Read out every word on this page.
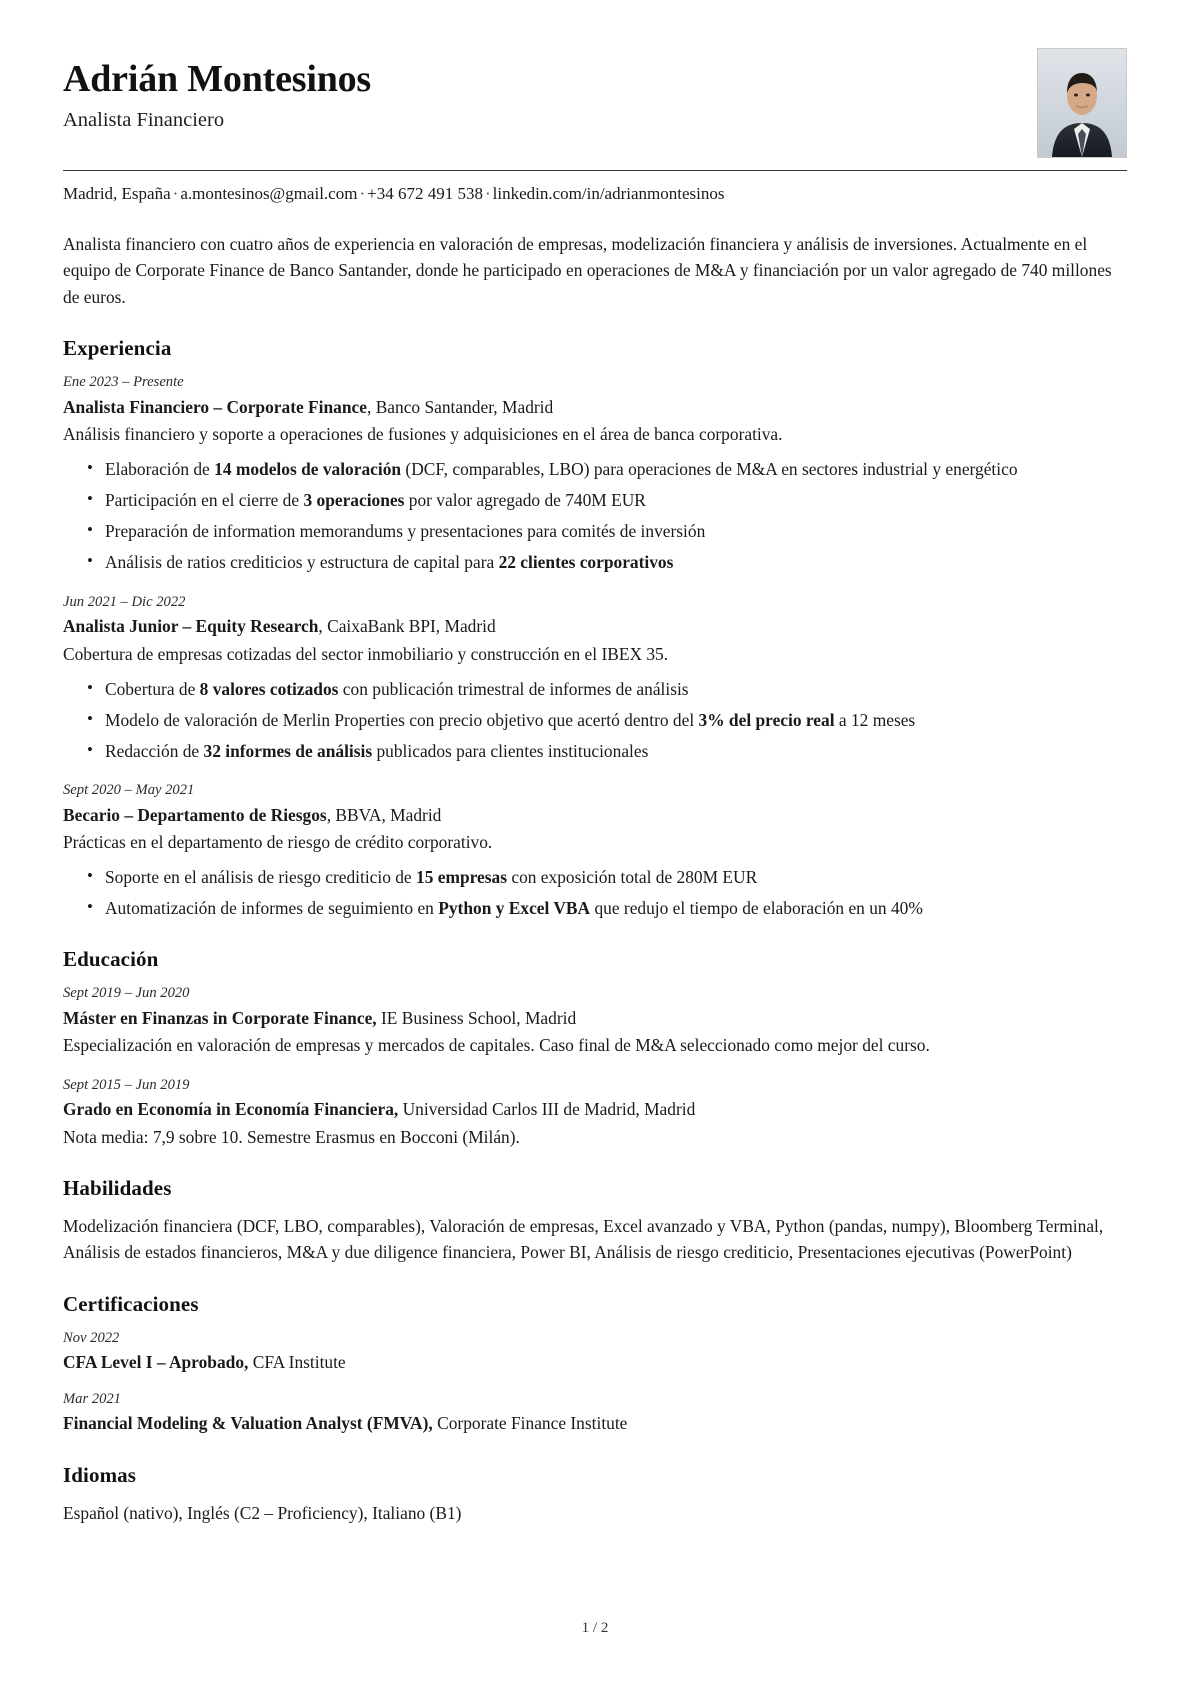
Adrián Montesinos
Analista Financiero
Madrid, España · a.montesinos@gmail.com · +34 672 491 538 · linkedin.com/in/adrianmontesinos

Analista financiero con cuatro años de experiencia en valoración de empresas, modelización financiera y análisis de inversiones. Actualmente en el equipo de Corporate Finance de Banco Santander, donde he participado en operaciones de M&A y financiación por un valor agregado de 740 millones de euros.

Experiencia
Ene 2023 – Presente
Analista Financiero – Corporate Finance, Banco Santander, Madrid
Análisis financiero y soporte a operaciones de fusiones y adquisiciones en el área de banca corporativa.
• Elaboración de 14 modelos de valoración (DCF, comparables, LBO) para operaciones de M&A en sectores industrial y energético
• Participación en el cierre de 3 operaciones por valor agregado de 740M EUR
• Preparación de information memorandums y presentaciones para comités de inversión
• Análisis de ratios crediticios y estructura de capital para 22 clientes corporativos
Jun 2021 – Dic 2022
Analista Junior – Equity Research, CaixaBank BPI, Madrid
Cobertura de empresas cotizadas del sector inmobiliario y construcción en el IBEX 35.
• Cobertura de 8 valores cotizados con publicación trimestral de informes de análisis
• Modelo de valoración de Merlin Properties con precio objetivo que acertó dentro del 3% del precio real a 12 meses
• Redacción de 32 informes de análisis publicados para clientes institucionales
Sept 2020 – May 2021
Becario – Departamento de Riesgos, BBVA, Madrid
Prácticas en el departamento de riesgo de crédito corporativo.
• Soporte en el análisis de riesgo crediticio de 15 empresas con exposición total de 280M EUR
• Automatización de informes de seguimiento en Python y Excel VBA que redujo el tiempo de elaboración en un 40%
Educación
Sept 2019 – Jun 2020
Máster en Finanzas in Corporate Finance, IE Business School, Madrid
Especialización en valoración de empresas y mercados de capitales. Caso final de M&A seleccionado como mejor del curso.
Sept 2015 – Jun 2019
Grado en Economía in Economía Financiera, Universidad Carlos III de Madrid, Madrid
Nota media: 7,9 sobre 10. Semestre Erasmus en Bocconi (Milán).
Habilidades

Modelización financiera (DCF, LBO, comparables), Valoración de empresas, Excel avanzado y VBA, Python (pandas, numpy), Bloomberg Terminal, Análisis de estados financieros, M&A y due diligence financiera, Power BI, Análisis de riesgo crediticio, Presentaciones ejecutivas (PowerPoint)

Certificaciones
Nov 2022
CFA Level I – Aprobado, CFA Institute
Mar 2021
Financial Modeling & Valuation Analyst (FMVA), Corporate Finance Institute
Idiomas

Español (nativo), Inglés (C2 – Proficiency), Italiano (B1)

1 / 2
